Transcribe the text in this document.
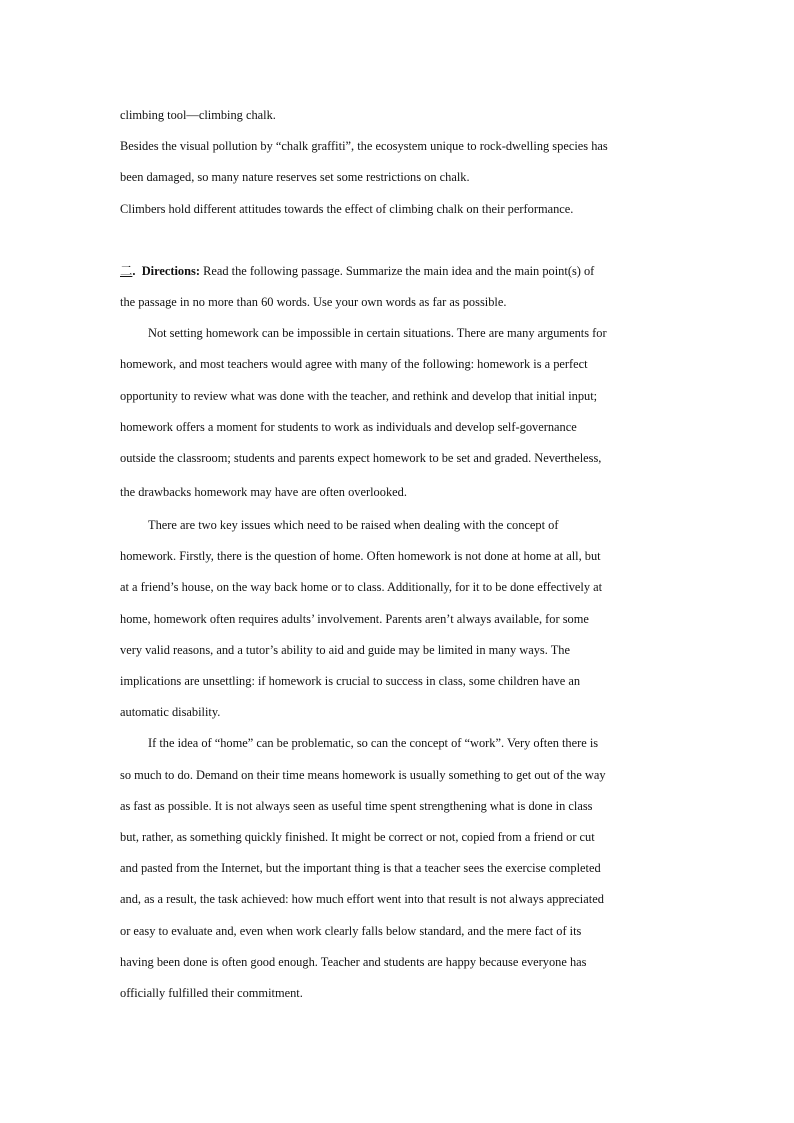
climbing tool—climbing chalk.
Besides the visual pollution by “chalk graffiti”, the ecosystem unique to rock-dwelling species has
been damaged, so many nature reserves set some restrictions on chalk.
Climbers hold different attitudes towards the effect of climbing chalk on their performance.
二. Directions: Read the following passage. Summarize the main idea and the main point(s) of
the passage in no more than 60 words. Use your own words as far as possible.
Not setting homework can be impossible in certain situations. There are many arguments for
homework, and most teachers would agree with many of the following: homework is a perfect
opportunity to review what was done with the teacher, and rethink and develop that initial input;
homework offers a moment for students to work as individuals and develop self-governance
outside the classroom; students and parents expect homework to be set and graded. Nevertheless,
the drawbacks homework may have are often overlooked.
There are two key issues which need to be raised when dealing with the concept of
homework. Firstly, there is the question of home. Often homework is not done at home at all, but
at a friend’s house, on the way back home or to class. Additionally, for it to be done effectively at
home, homework often requires adults’ involvement. Parents aren’t always available, for some
very valid reasons, and a tutor’s ability to aid and guide may be limited in many ways. The
implications are unsettling: if homework is crucial to success in class, some children have an
automatic disability.
If the idea of “home” can be problematic, so can the concept of “work”. Very often there is
so much to do. Demand on their time means homework is usually something to get out of the way
as fast as possible. It is not always seen as useful time spent strengthening what is done in class
but, rather, as something quickly finished. It might be correct or not, copied from a friend or cut
and pasted from the Internet, but the important thing is that a teacher sees the exercise completed
and, as a result, the task achieved: how much effort went into that result is not always appreciated
or easy to evaluate and, even when work clearly falls below standard, and the mere fact of its
having been done is often good enough. Teacher and students are happy because everyone has
officially fulfilled their commitment.
